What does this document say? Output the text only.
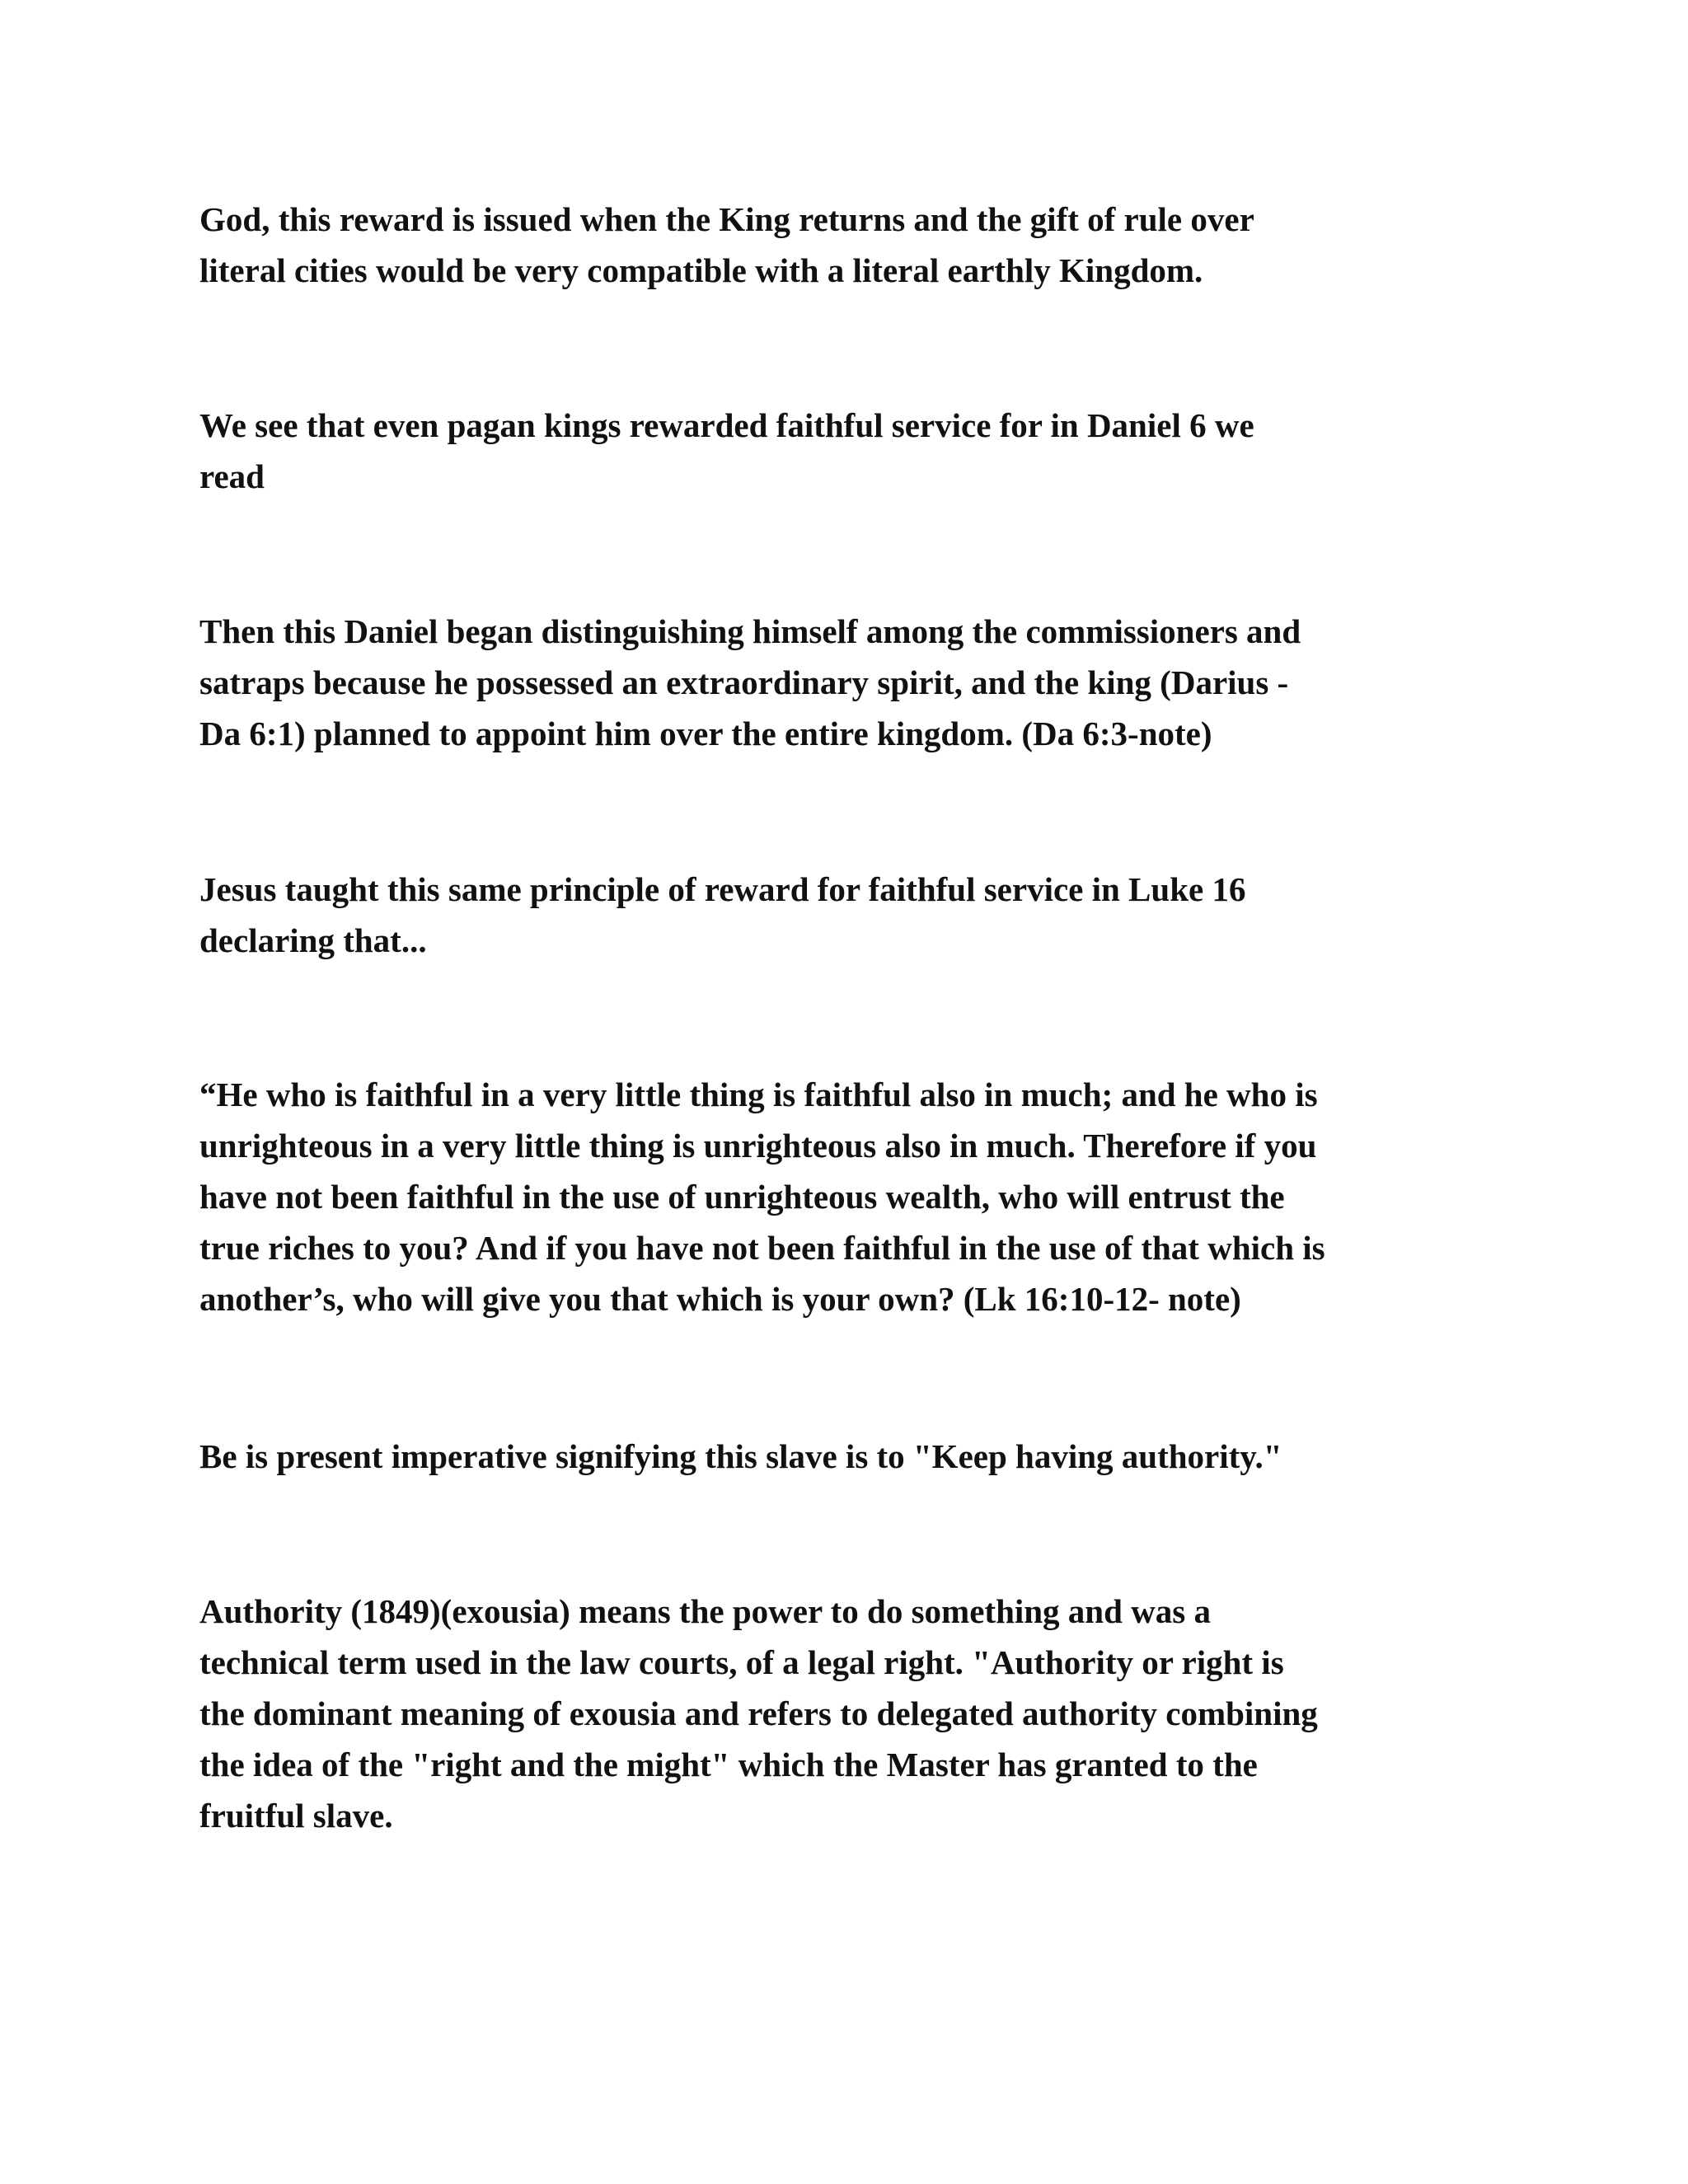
God, this reward is issued when the King returns and the gift of rule over
literal cities would be very compatible with a literal earthly Kingdom.

We see that even pagan kings rewarded faithful service for in Daniel 6 we
read

Then this Daniel began distinguishing himself among the commissioners and
satraps because he possessed an extraordinary spirit, and the king (Darius -
Da 6:1) planned to appoint him over the entire kingdom. (Da 6:3-note)

Jesus taught this same principle of reward for faithful service in Luke 16
declaring that...

“He who is faithful in a very little thing is faithful also in much; and he who is
unrighteous in a very little thing is unrighteous also in much. Therefore if you
have not been faithful in the use of unrighteous wealth, who will entrust the
true riches to you? And if you have not been faithful in the use of that which is
another’s, who will give you that which is your own? (Lk 16:10-12- note)

Be is present imperative signifying this slave is to "Keep having authority."

Authority (1849)(exousia) means the power to do something and was a
technical term used in the law courts, of a legal right. "Authority or right is
the dominant meaning of exousia and refers to delegated authority combining
the idea of the "right and the might" which the Master has granted to the
fruitful slave.
